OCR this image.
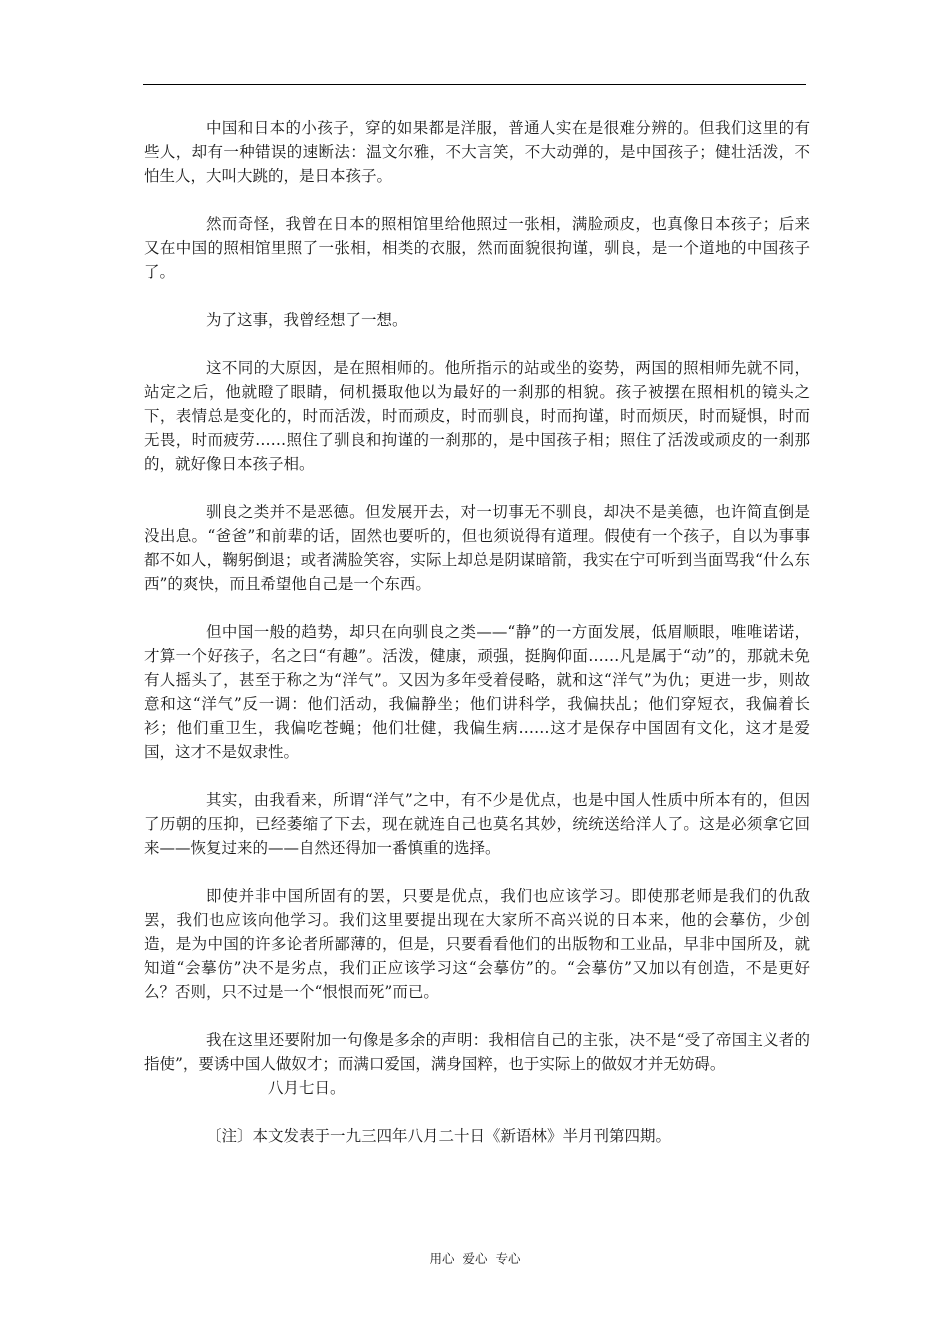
中国和日本的小孩子，穿的如果都是洋服，普通人实在是很难分辨的。但我们这里的有些人，却有一种错误的速断法：温文尔雅，不大言笑，不大动弹的，是中国孩子；健壮活泼，不怕生人，大叫大跳的，是日本孩子。

然而奇怪，我曾在日本的照相馆里给他照过一张相，满脸顽皮，也真像日本孩子；后来又在中国的照相馆里照了一张相，相类的衣服，然而面貌很拘谨，驯良，是一个道地的中国孩子了。

为了这事，我曾经想了一想。

这不同的大原因，是在照相师的。他所指示的站或坐的姿势，两国的照相师先就不同，站定之后，他就瞪了眼睛，伺机摄取他以为最好的一刹那的相貌。孩子被摆在照相机的镜头之下，表情总是变化的，时而活泼，时而顽皮，时而驯良，时而拘谨，时而烦厌，时而疑惧，时而无畏，时而疲劳……照住了驯良和拘谨的一刹那的，是中国孩子相；照住了活泼或顽皮的一刹那的，就好像日本孩子相。

驯良之类并不是恶德。但发展开去，对一切事无不驯良，却决不是美德，也许简直倒是没出息。“爸爸”和前辈的话，固然也要听的，但也须说得有道理。假使有一个孩子，自以为事事都不如人，鞠躬倒退；或者满脸笑容，实际上却总是阴谋暗箭，我实在宁可听到当面骂我“什么东西”的爽快，而且希望他自己是一个东西。

但中国一般的趋势，却只在向驯良之类——“静”的一方面发展，低眉顺眼，唯唯诺诺，才算一个好孩子，名之曰“有趣”。活泼，健康，顽强，挺胸仰面……凡是属于“动”的，那就未免有人摇头了，甚至于称之为“洋气”。又因为多年受着侵略，就和这“洋气”为仇；更进一步，则故意和这“洋气”反一调：他们活动，我偏静坐；他们讲科学，我偏扶乩；他们穿短衣，我偏着长衫；他们重卫生，我偏吃苍蝇；他们壮健，我偏生病……这才是保存中国固有文化，这才是爱国，这才不是奴隶性。

其实，由我看来，所谓“洋气”之中，有不少是优点，也是中国人性质中所本有的，但因了历朝的压抑，已经萎缩了下去，现在就连自己也莫名其妙，统统送给洋人了。这是必须拿它回来——恢复过来的——自然还得加一番慎重的选择。

即使并非中国所固有的罢，只要是优点，我们也应该学习。即使那老师是我们的仇敌罢，我们也应该向他学习。我们这里要提出现在大家所不高兴说的日本来，他的会摹仿，少创造，是为中国的许多论者所鄙薄的，但是，只要看看他们的出版物和工业品，早非中国所及，就知道“会摹仿”决不是劣点，我们正应该学习这“会摹仿”的。“会摹仿”又加以有创造，不是更好么？否则，只不过是一个“恨恨而死”而已。

我在这里还要附加一句像是多余的声明：我相信自己的主张，决不是“受了帝国主义者的指使”，要诱中国人做奴才；而满口爱国，满身国粹，也于实际上的做奴才并无妨碍。

八月七日。

〔注〕本文发表于一九三四年八月二十日《新语林》半月刊第四期。

用心  爱心  专心
